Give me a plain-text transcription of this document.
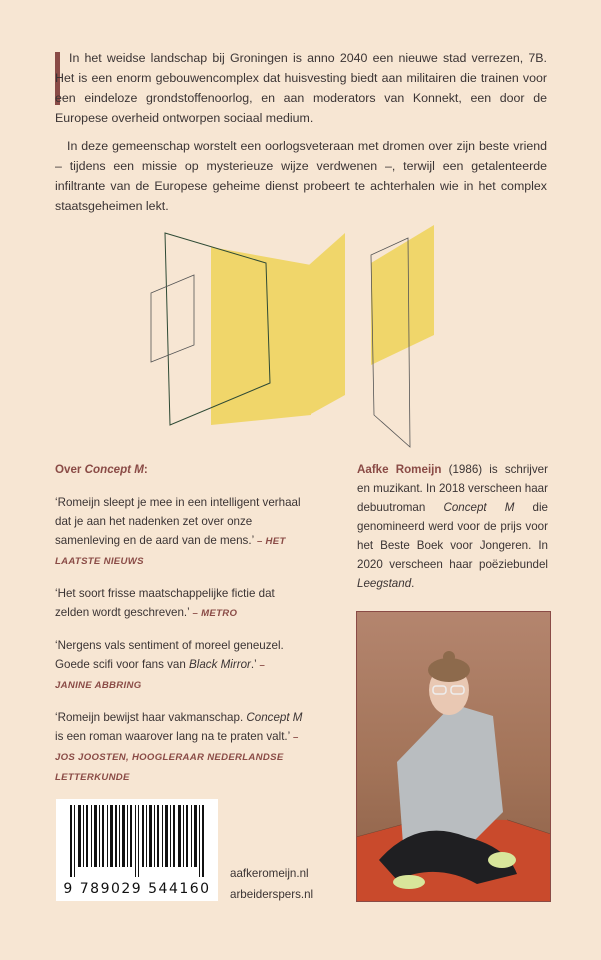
In het weidse landschap bij Groningen is anno 2040 een nieuwe stad verrezen, 7B. Het is een enorm gebouwencomplex dat huisvesting biedt aan militairen die trainen voor een eindeloze grondstoffenoorlog, en aan moderators van Konnekt, een door de Europese overheid ontworpen sociaal medium.

In deze gemeenschap worstelt een oorlogsveteraan met dromen over zijn beste vriend – tijdens een missie op mysterieuze wijze verdwenen –, terwijl een getalenteerde infiltrante van de Europese geheime dienst probeert te achterhalen wie in het complex staatsgeheimen lekt.

Over Concept M:

‘Romeijn sleept je mee in een intelligent verhaal dat je aan het nadenken zet over onze samenleving en de aard van de mens.’ – HET LAATSTE NIEUWS

‘Het soort frisse maatschappelijke fictie dat zelden wordt geschreven.’ – METRO

‘Nergens vals sentiment of moreel geneuzel. Goede scifi voor fans van Black Mirror.’ – JANINE ABBRING

‘Romeijn bewijst haar vakmanschap. Concept M is een roman waarover lang na te praten valt.’ – JOS JOOSTEN, HOOGLERAAR NEDERLANDSE LETTERKUNDE

Aafke Romeijn (1986) is schrijver en muzikant. In 2018 verscheen haar debuutroman Concept M die genomineerd werd voor de prijs voor het Beste Boek voor Jongeren. In 2020 verscheen haar poëziebundel Leegstand.

9 789029 544160
aafkeromeijn.nl
arbeiderspers.nl
